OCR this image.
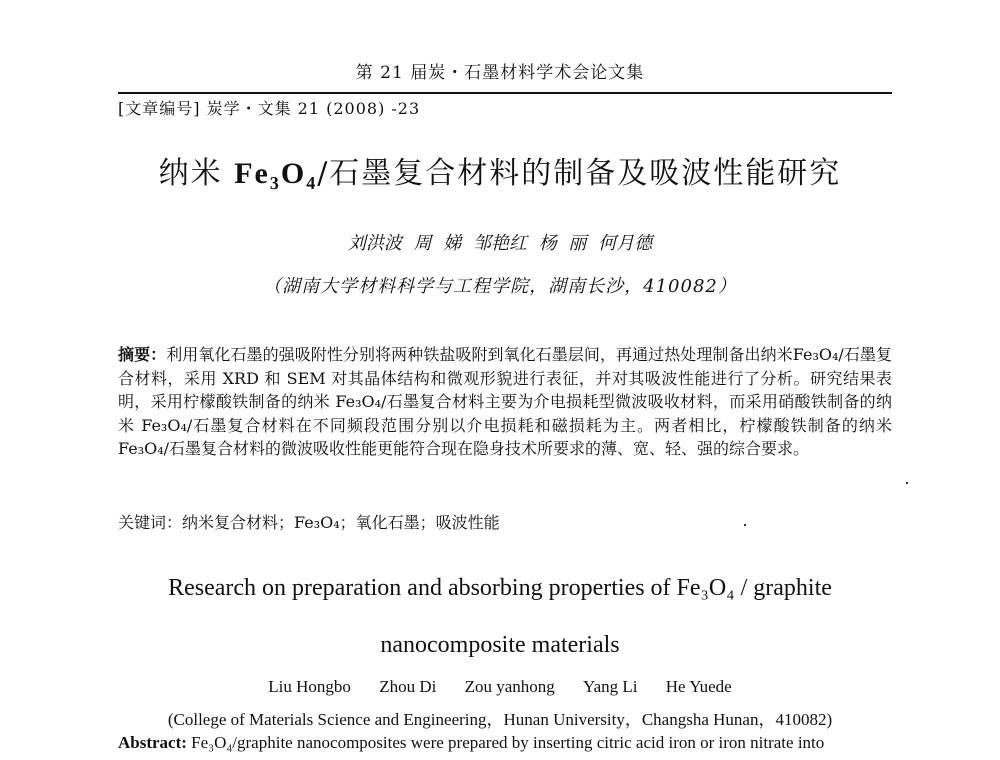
第 21 届炭・石墨材料学术会论文集
[文章编号] 炭学・文集 21 (2008) -23
纳米 Fe₃O₄/石墨复合材料的制备及吸波性能研究
刘洪波 周 娣 邹艳红 杨 丽 何月德
（湖南大学材料科学与工程学院，湖南长沙，410082）
摘要：利用氧化石墨的强吸附性分别将两种铁盐吸附到氧化石墨层间，再通过热处理制备出纳米Fe₃O₄/石墨复合材料，采用 XRD 和 SEM 对其晶体结构和微观形貌进行表征，并对其吸波性能进行了分析。研究结果表明，采用柠檬酸铁制备的纳米 Fe₃O₄/石墨复合材料主要为介电损耗型微波吸收材料，而采用硝酸铁制备的纳米 Fe₃O₄/石墨复合材料在不同频段范围分别以介电损耗和磁损耗为主。两者相比，柠檬酸铁制备的纳米 Fe₃O₄/石墨复合材料的微波吸收性能更能符合现在隐身技术所要求的薄、宽、轻、强的综合要求。
关键词：纳米复合材料；Fe₃O₄；氧化石墨；吸波性能
Research on preparation and absorbing properties of Fe₃O₄ / graphite
nanocomposite materials
Liu Hongbo Zhou Di Zou yanhong Yang Li He Yuede
(College of Materials Science and Engineering，Hunan University，Changsha Hunan，410082)
Abstract: Fe₃O₄/graphite nanocomposites were prepared by inserting citric acid iron or iron nitrate into
